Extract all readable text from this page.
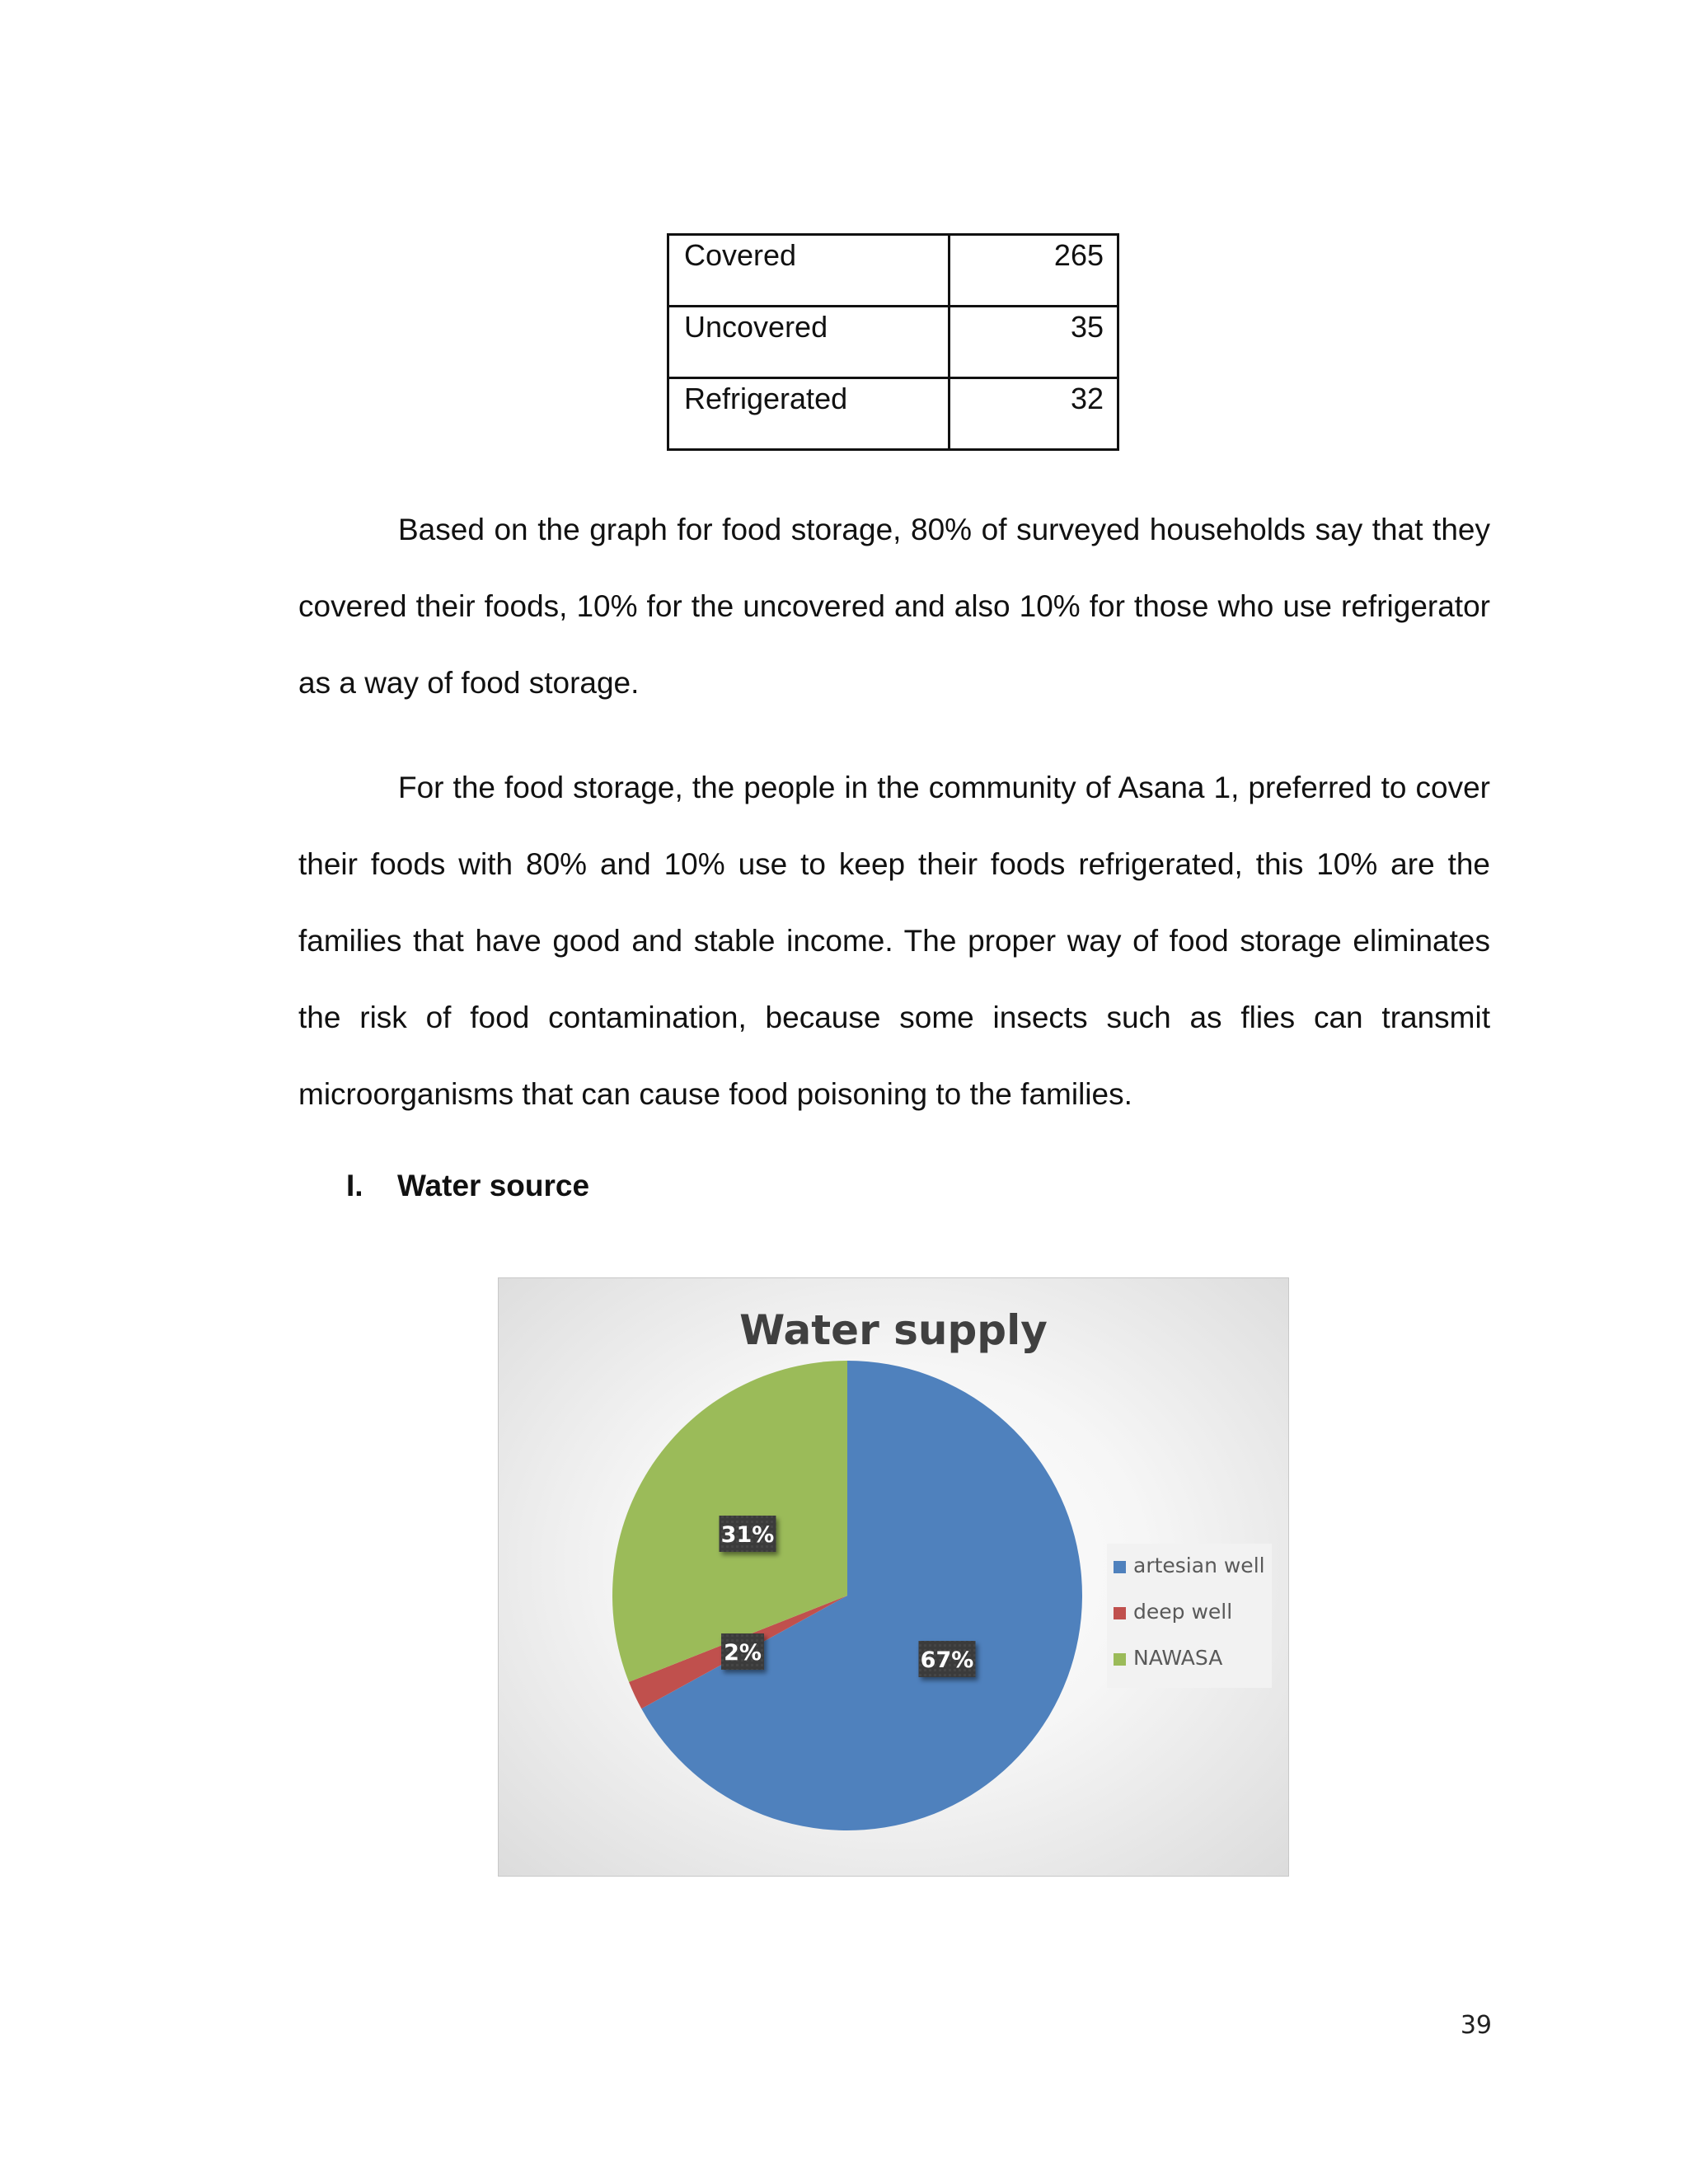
Covered	265
Uncovered	35
Refrigerated	32

Based on the graph for food storage, 80% of surveyed households say that they covered their foods, 10% for the uncovered and also 10% for those who use refrigerator as a way of food storage.

For the food storage, the people in the community of Asana 1, preferred to cover their foods with 80% and 10% use to keep their foods refrigerated, this 10% are the families that have good and stable income. The proper way of food storage eliminates the risk of food contamination, because some insects such as flies can transmit microorganisms that can cause food poisoning to the families.

I.	Water source
Water supply
67%
2%
31%
artesian well
deep well
NAWASA
39
